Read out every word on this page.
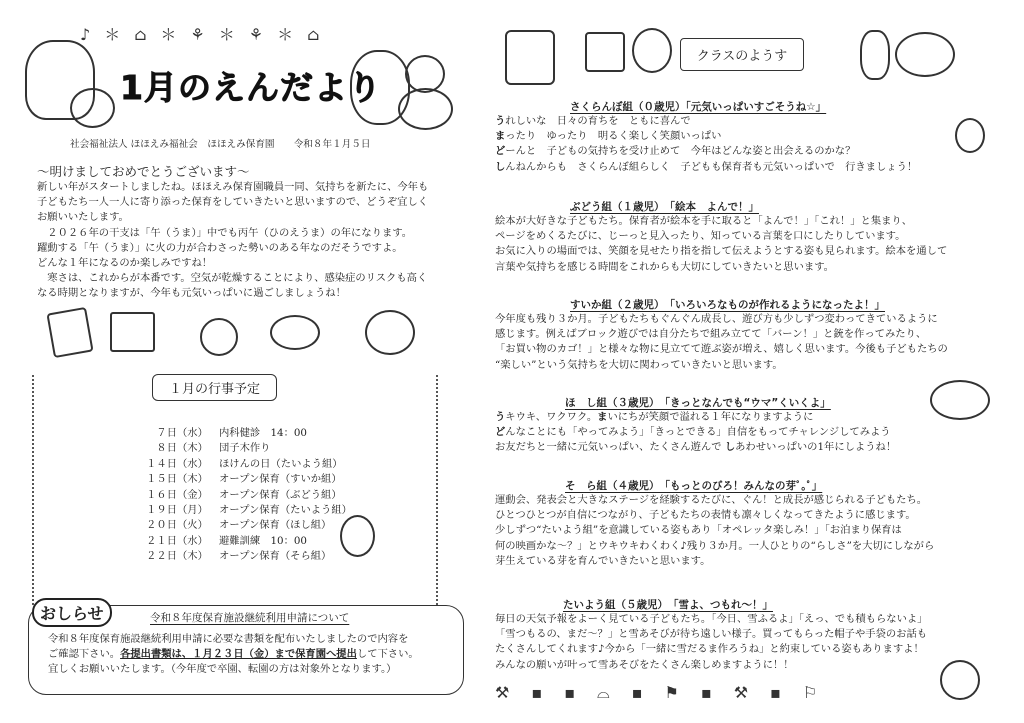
♪＊⌂＊⚘＊⚘＊⌂
1月のえんだより
社会福祉法人 ほほえみ福祉会　ほほえみ保育園　　令和８年１月５日
～明けましておめでとうございます～
新しい年がスタートしましたね。ほほえみ保育園職員一同、気持ちを新たに、今年も
子どもたち一人一人に寄り添った保育をしていきたいと思いますので、どうぞ宜しく
お願いいたします。
　２０２６年の干支は「午（うま）」中でも丙午（ひのえうま）の年になります。
躍動する「午（うま）」に火の力が合わさった勢いのある年なのだそうですよ。
どんな１年になるのか楽しみですね！
　寒さは、これからが本番です。空気が乾燥することにより、感染症のリスクも高く
なる時期となりますが、今年も元気いっぱいに過ごしましょうね！
１月の行事予定
７日（水） 内科健診　14：00
８日（木） 団子木作り
１４日（水） ほけんの日（たいよう組）
１５日（木） オープン保育（すいか組）
１６日（金） オープン保育（ぶどう組）
１９日（月） オープン保育（たいよう組）
２０日（火） オープン保育（ほし組）
２１日（水） 避難訓練　10：00
２２日（木） オープン保育（そら組）
おしらせ	令和８年度保育施設継続利用申請について
令和８年度保育施設継続利用申請に必要な書類を配布いたしましたので内容を
ご確認下さい。各提出書類は、１月２３日（金）まで保育園へ提出して下さい。
宜しくお願いいたします。（今年度で卒園、転園の方は対象外となります。）
クラスのようす
さくらんぼ組（０歳児）「元気いっぱいすごそうね☆」
うれしいな　日々の育ちを　ともに喜んで
まったり　ゆったり　明るく楽しく笑顔いっぱい
どーんと　子どもの気持ちを受け止めて　今年はどんな姿と出会えるのかな？
しんねんからも　さくらんぼ組らしく　子どもも保育者も元気いっぱいで　行きましょう！
ぶどう組（１歳児）　「絵本　よんで！」
絵本が大好きな子どもたち。保育者が絵本を手に取ると「よんで！」「これ！」と集まり、
ページをめくるたびに、じーっと見入ったり、知っている言葉を口にしたりしています。
お気に入りの場面では、笑顔を見せたり指を指して伝えようとする姿も見られます。絵本を通して
言葉や気持ちを感じる時間をこれからも大切にしていきたいと思います。
すいか組（２歳児）　「いろいろなものが作れるようになったよ！」
今年度も残り３か月。子どもたちもぐんぐん成長し、遊び方も少しずつ変わってきているように
感じます。例えばブロック遊びでは自分たちで組み立てて「バーン！」と銃を作ってみたり、
「お買い物のカゴ！」と様々な物に見立てて遊ぶ姿が増え、嬉しく思います。今後も子どもたちの
“楽しい”という気持ちを大切に関わっていきたいと思います。
ほ　し組（３歳児）　「きっとなんでも“ウマ”くいくよ」
うキウキ、ワクワク。まいにちが笑顔で溢れる１年になりますように
どんなことにも「やってみよう」「きっとできる」自信をもってチャレンジしてみよう
お友だちと一緒に元気いっぱい、たくさん遊んで しあわせいっぱいの1年にしようね！
そ　ら組（４歳児）　「もっとのびろ！みんなの芽ﾟ｡ﾟ」
運動会、発表会と大きなステージを経験するたびに、ぐん！と成長が感じられる子どもたち。
ひとつひとつが自信につながり、子どもたちの表情も凛々しくなってきたように感じます。
少しずつ“たいよう組”を意識している姿もあり「オペレッタ楽しみ！」「お泊まり保育は
何の映画かな～？」とウキウキわくわく♪残り３か月。一人ひとりの“らしさ”を大切にしながら
芽生えている芽を育んでいきたいと思います。
たいよう組（５歳児）　「雪よ、つもれ～！」
毎日の天気予報をよーく見ている子どもたち。「今日、雪ふるよ」「えっ、でも積もらないよ」
「雪つもるの、まだ～？」と雪あそびが待ち遠しい様子。買ってもらった帽子や手袋のお話も
たくさんしてくれます♪今から「一緒に雪だるま作ろうね」と約束している姿もありますよ！
みんなの願いが叶って雪あそびをたくさん楽しめますように！！
⚒▪▪⌓▪⚑▪⚒▪⚐
